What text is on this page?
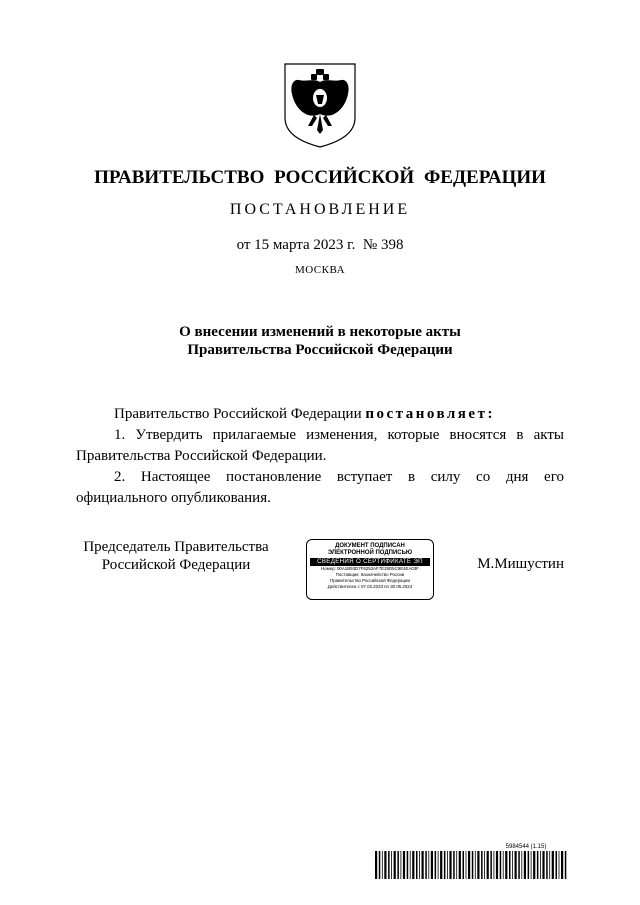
ПРАВИТЕЛЬСТВО РОССИЙСКОЙ ФЕДЕРАЦИИ
ПОСТАНОВЛЕНИЕ
от 15 марта 2023 г.  № 398
МОСКВА
О внесении изменений в некоторые акты
Правительства Российской Федерации

Правительство Российской Федерации постановляет:

1. Утвердить прилагаемые изменения, которые вносятся в акты

Правительства Российской Федерации.

2. Настоящее постановление вступает в силу со дня его

официального опубликования.
Председатель Правительства
Российской Федерации
ДОКУМЕНТ ПОДПИСАН
ЭЛЕКТРОННОЙ ПОДПИСЬЮ
СВЕДЕНИЯ О СЕРТИФИКАТЕ ЭП
Номер: 00A1B93D7F6253AF7E29D5C9E4EA03F
Поставщик: Казначейство России
Правительство Российской Федерации
Действителен с 07.03.2023 по 30.05.2024
М.Мишустин
5984544 (1.15)
